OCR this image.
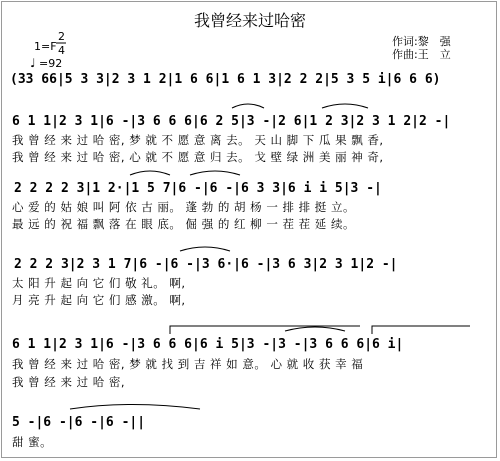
我曾经来过哈密
1=F
2
4
♩ =92
作词:黎　强
作曲:王　立
(33 66|5 3 3|2 3 1 2|1 6 6|1 6 1 3|2 2 2|5 3 5 i|6 6 6)
6 1 1|2 3 1|6 -|3 6 6 6|6 2 5|3 -|2 6|1 2 3|2 3 1 2|2 -|
我 曾 经 来 过 哈 密, 梦 就 不 愿 意 离 去。 天 山 脚 下 瓜 果 飘 香,
我 曾 经 来 过 哈 密, 心 就 不 愿 意 归 去。 戈 壁 绿 洲 美 丽 神 奇,
2 2 2 2 3|1 2·|1 5 7|6 -|6 -|6 3 3|6 i i 5|3 -|
心 爱 的 姑 娘 叫 阿 依 古 丽。 蓬 勃 的 胡 杨 一 排 排 挺 立。
最 远 的 祝 福 飘 落 在 眼 底。 倔 强 的 红 柳 一 茬 茬 延 续。
2 2 2 3|2 3 1 7|6 -|6 -|3 6·|6 -|3 6 3|2 3 1|2 -|
太 阳 升 起 向 它 们 敬 礼。 啊,
月 亮 升 起 向 它 们 感 激。 啊,
6 1 1|2 3 1|6 -|3 6 6 6|6 i 5|3 -|3 -|3 6 6 6|6 i|
我 曾 经 来 过 哈 密, 梦 就 找 到 吉 祥 如 意。 心 就 收 获 幸 福
我 曾 经 来 过 哈 密,
5 -|6 -|6 -|6 -||
甜 蜜。
